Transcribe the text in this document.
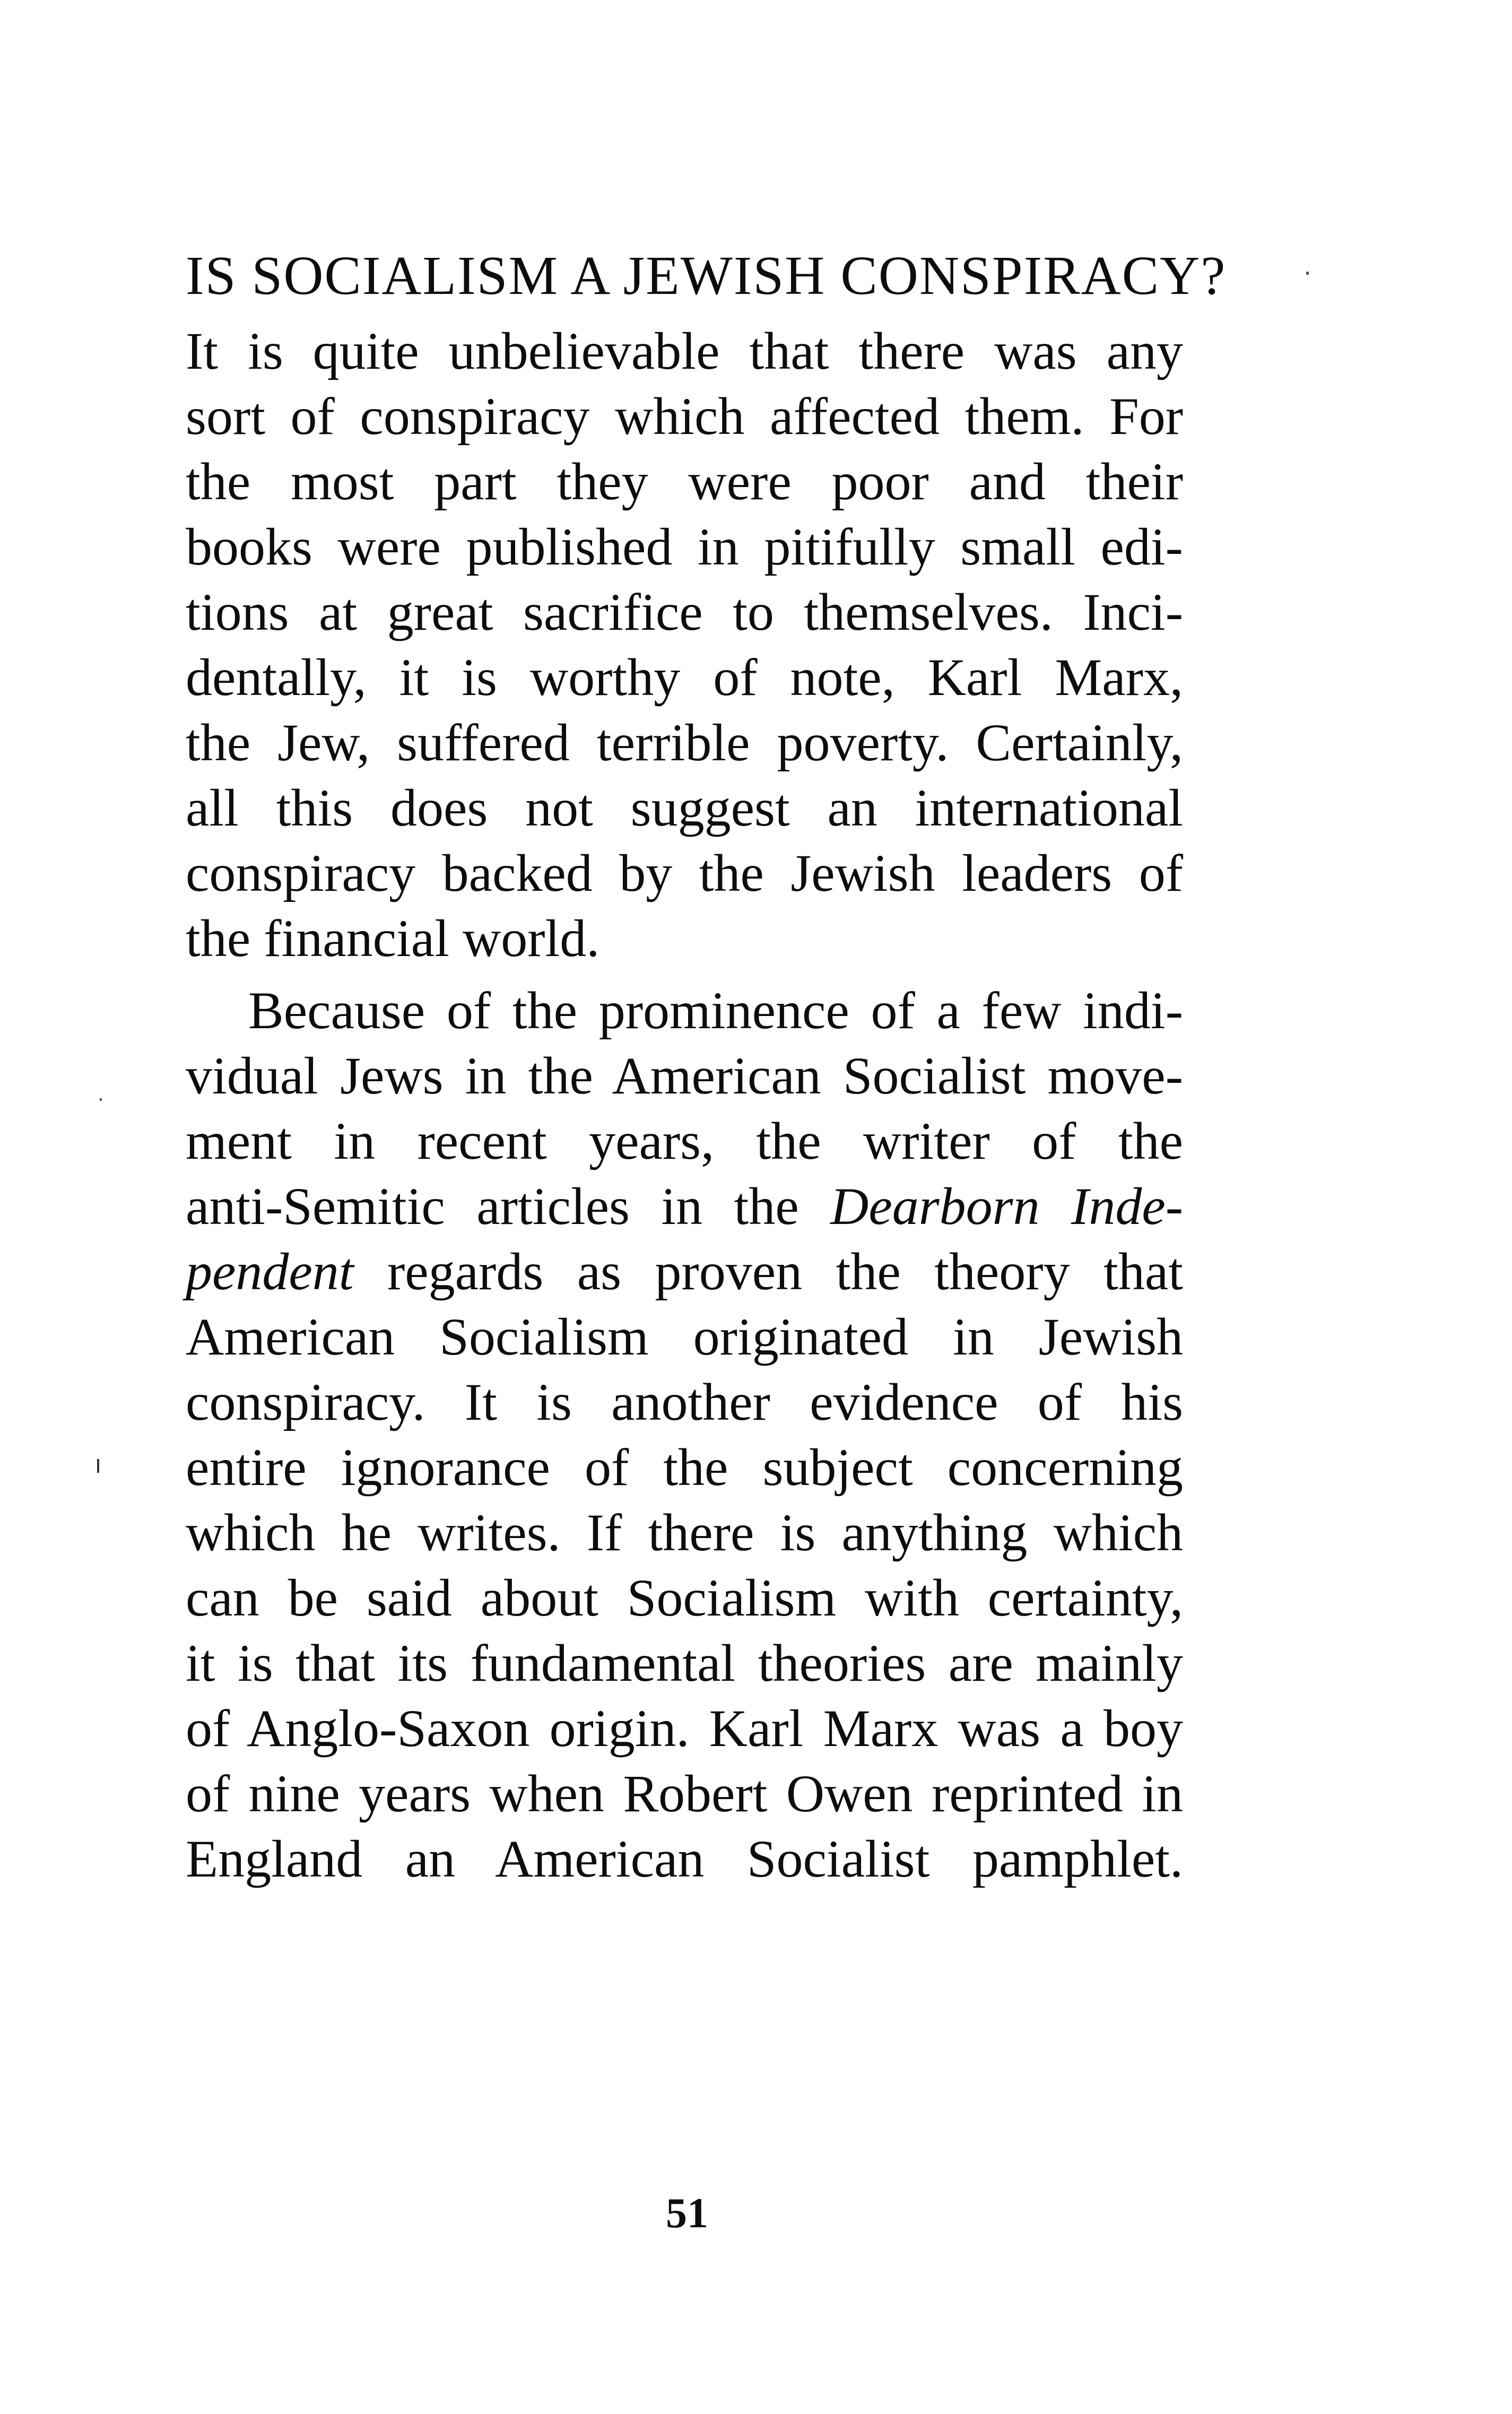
IS SOCIALISM A JEWISH CONSPIRACY?
It is quite unbelievable that there was any
sort of conspiracy which affected them. For
the most part they were poor and their
books were published in pitifully small edi-
tions at great sacrifice to themselves. Inci-
dentally, it is worthy of note, Karl Marx,
the Jew, suffered terrible poverty. Certainly,
all this does not suggest an international
conspiracy backed by the Jewish leaders of
the financial world.
Because of the prominence of a few indi-
vidual Jews in the American Socialist move-
ment in recent years, the writer of the
anti-Semitic articles in the Dearborn Inde-
pendent regards as proven the theory that
American Socialism originated in Jewish
conspiracy. It is another evidence of his
entire ignorance of the subject concerning
which he writes. If there is anything which
can be said about Socialism with certainty,
it is that its fundamental theories are mainly
of Anglo-Saxon origin. Karl Marx was a boy
of nine years when Robert Owen reprinted in
England an American Socialist pamphlet.
51
